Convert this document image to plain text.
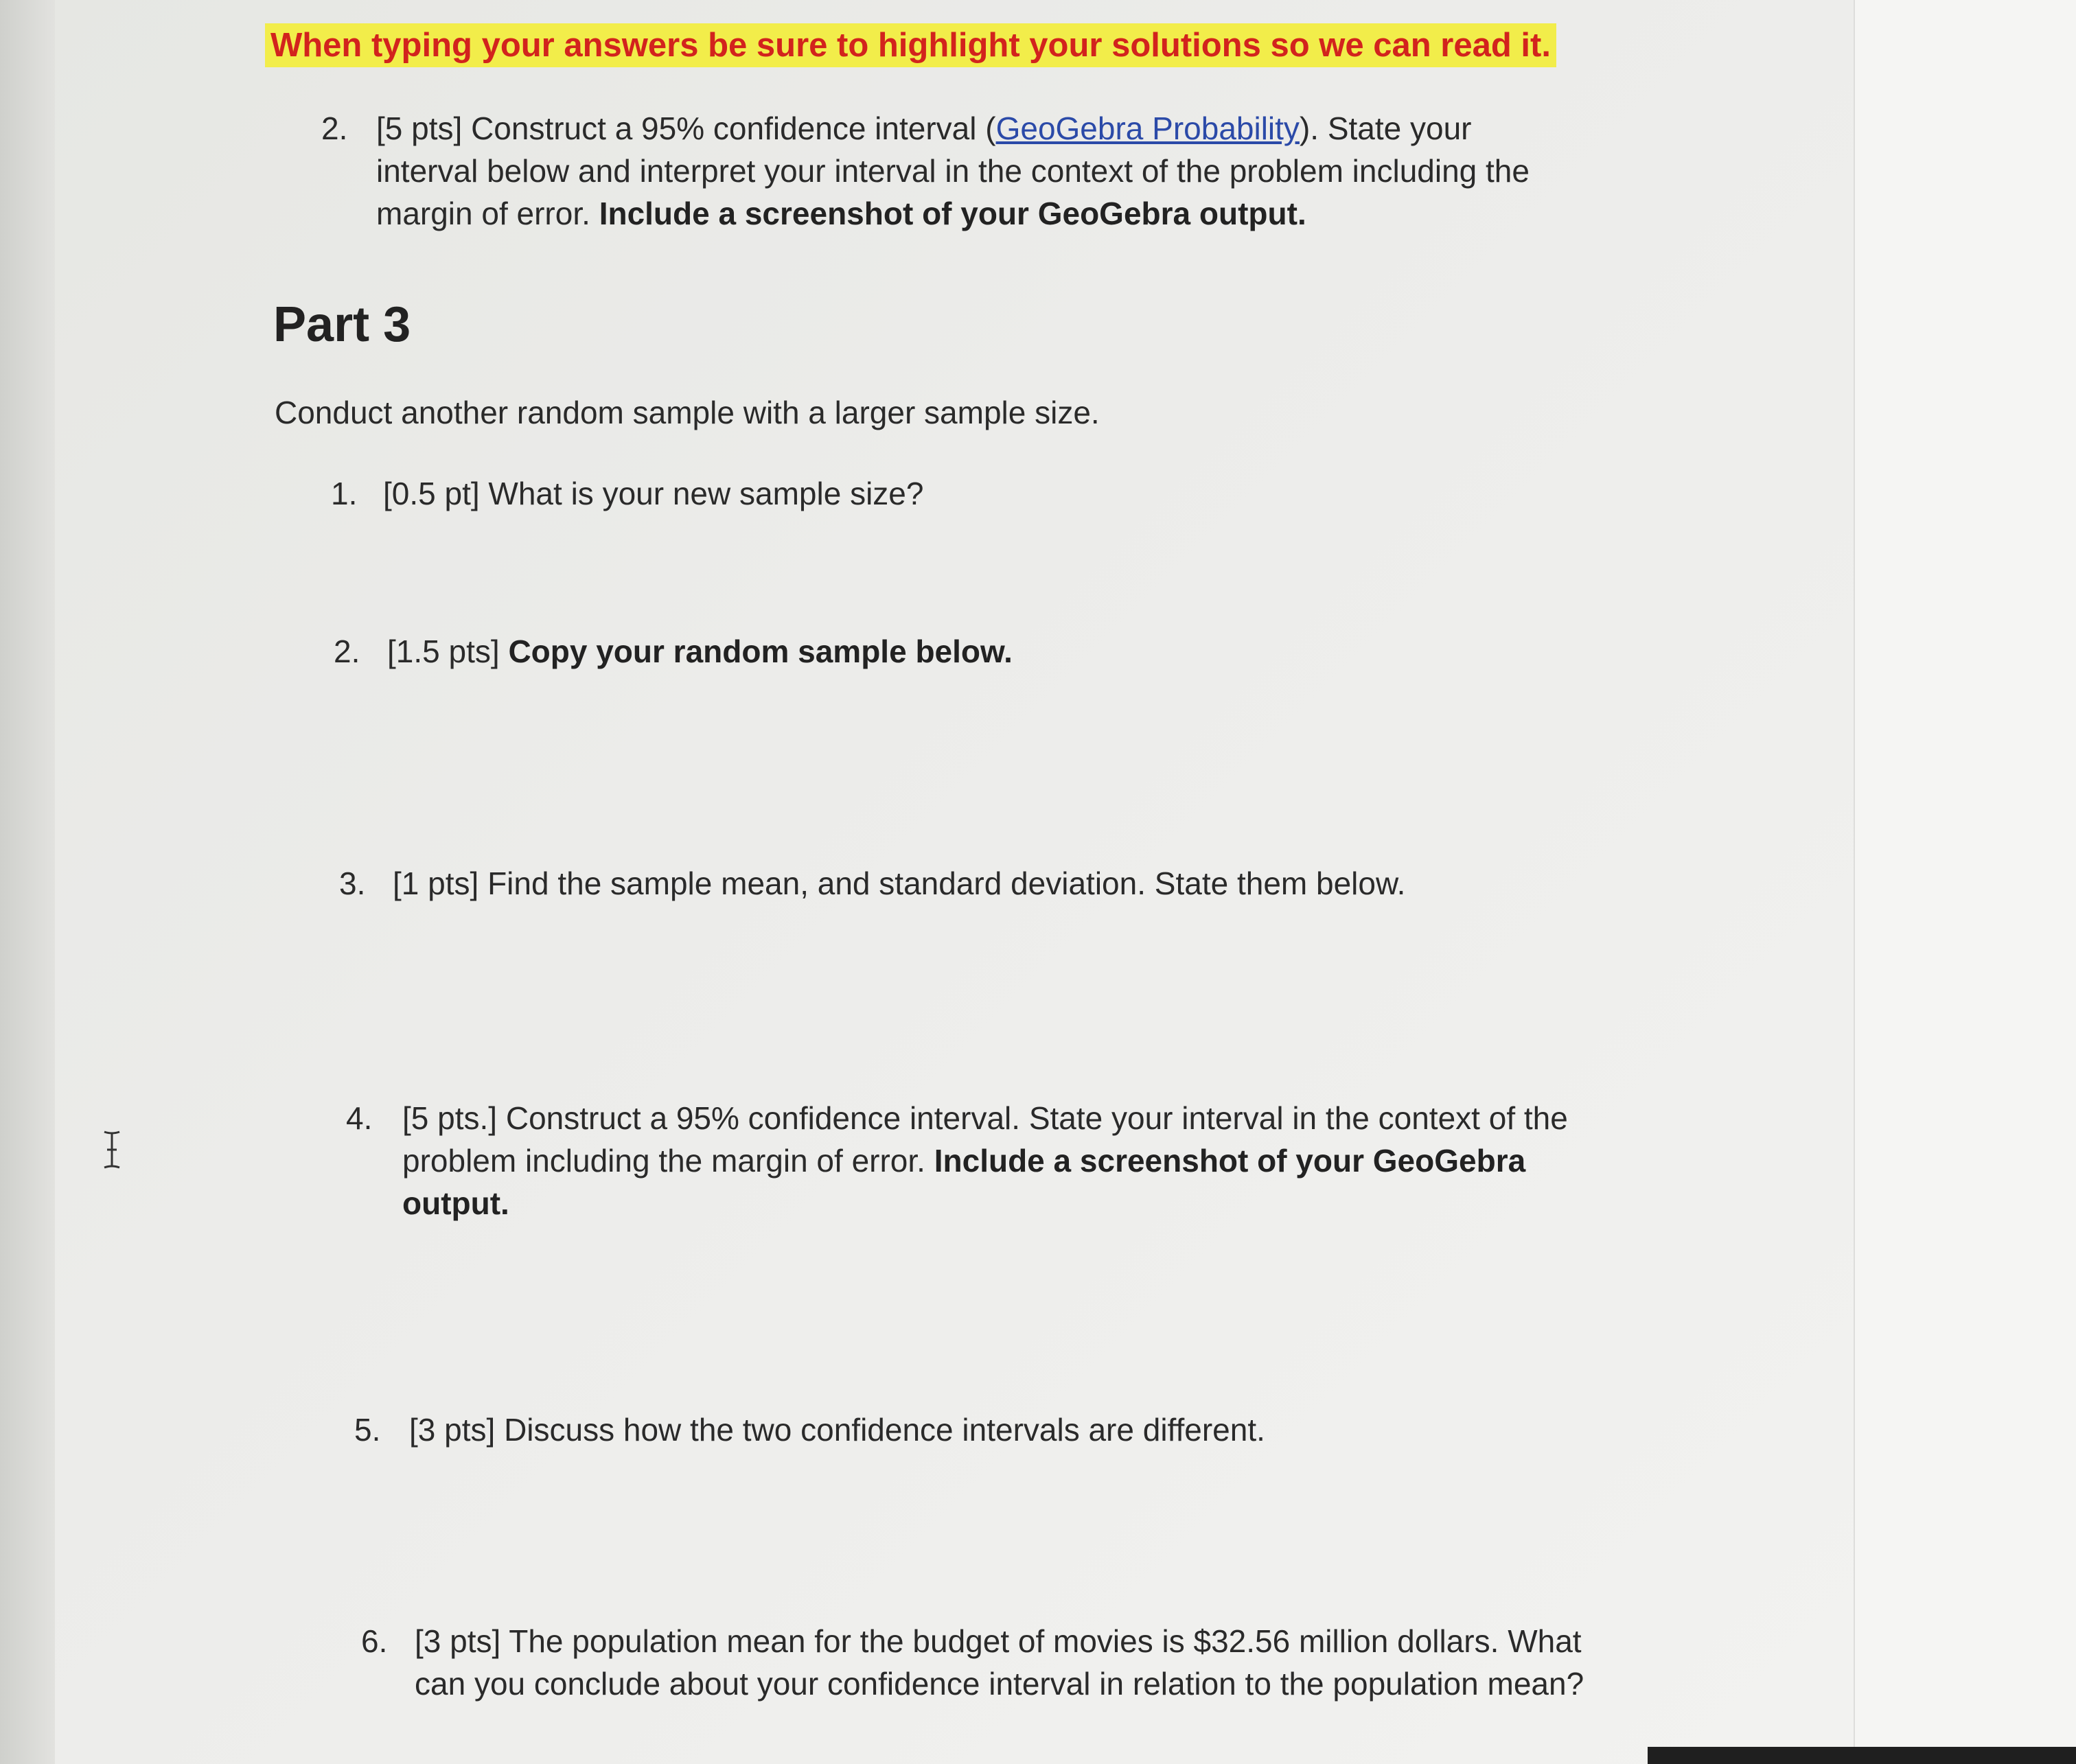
When typing your answers be sure to highlight your solutions so we can read it.
2. [5 pts] Construct a 95% confidence interval (GeoGebra Probability). State your
interval below and interpret your interval in the context of the problem including the
margin of error. Include a screenshot of your GeoGebra output.
Part 3
Conduct another random sample with a larger sample size.
1. [0.5 pt] What is your new sample size?
2. [1.5 pts] Copy your random sample below.
3. [1 pts] Find the sample mean, and standard deviation. State them below.
4. [5 pts.] Construct a 95% confidence interval. State your interval in the context of the
problem including the margin of error. Include a screenshot of your GeoGebra
output.
5. [3 pts] Discuss how the two confidence intervals are different.
6. [3 pts] The population mean for the budget of movies is $32.56 million dollars. What
can you conclude about your confidence interval in relation to the population mean?
